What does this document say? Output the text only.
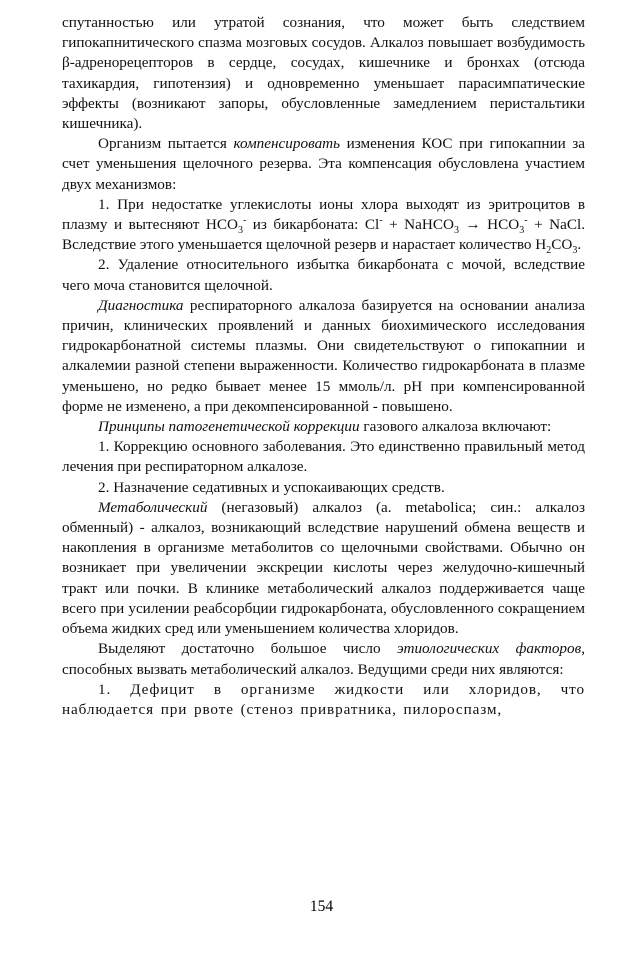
спутанностью или утратой сознания, что может быть следствием гипокапнитического спазма мозговых сосудов. Алкалоз повышает возбудимость β-адренорецепторов в сердце, сосудах, кишечнике и бронхах (отсюда тахикардия, гипотензия) и одновременно уменьшает парасимпатические эффекты (возникают запоры, обусловленные замедлением перистальтики кишечника).

Организм пытается компенсировать изменения КОС при гипокапнии за счет уменьшения щелочного резерва. Эта компенсация обусловлена участием двух механизмов:

1. При недостатке углекислоты ионы хлора выходят из эритроцитов в плазму и вытесняют $HCO_3^-$ из бикарбоната: Cl- + NaHCO$_3$ → $HCO_3^-$ + NaCl. Вследствие этого уменьшается щелочной резерв и нарастает количество $H_2CO_3$.

2. Удаление относительного избытка бикарбоната с мочой, вследствие чего моча становится щелочной.

Диагностика респираторного алкалоза базируется на основании анализа причин, клинических проявлений и данных биохимического исследования гидрокарбонатной системы плазмы. Они свидетельствуют о гипокапнии и алкалемии разной степени выраженности. Количество гидрокарбоната в плазме уменьшено, но редко бывает менее 15 ммоль/л. pH при компенсированной форме не изменено, а при декомпенсированной - повышено.

Принципы патогенетической коррекции газового алкалоза включают:

1. Коррекцию основного заболевания. Это единственно правильный метод лечения при респираторном алкалозе.

2. Назначение седативных и успокаивающих средств.

Метаболический (негазовый) алкалоз (a. metabolica; син.: алкалоз обменный) - алкалоз, возникающий вследствие нарушений обмена веществ и накопления в организме метаболитов со щелочными свойствами. Обычно он возникает при увеличении экскреции кислоты через желудочно-кишечный тракт или почки. В клинике метаболический алкалоз поддерживается чаще всего при усилении реабсорбции гидрокарбоната, обусловленного сокращением объема жидких сред или уменьшением количества хлоридов.

Выделяют достаточно большое число этиологических факторов, способных вызвать метаболический алкалоз. Ведущими среди них являются:

1. Дефицит в организме жидкости или хлоридов, что наблюдается при рвоте (стеноз привратника, пилороспазм,

154
